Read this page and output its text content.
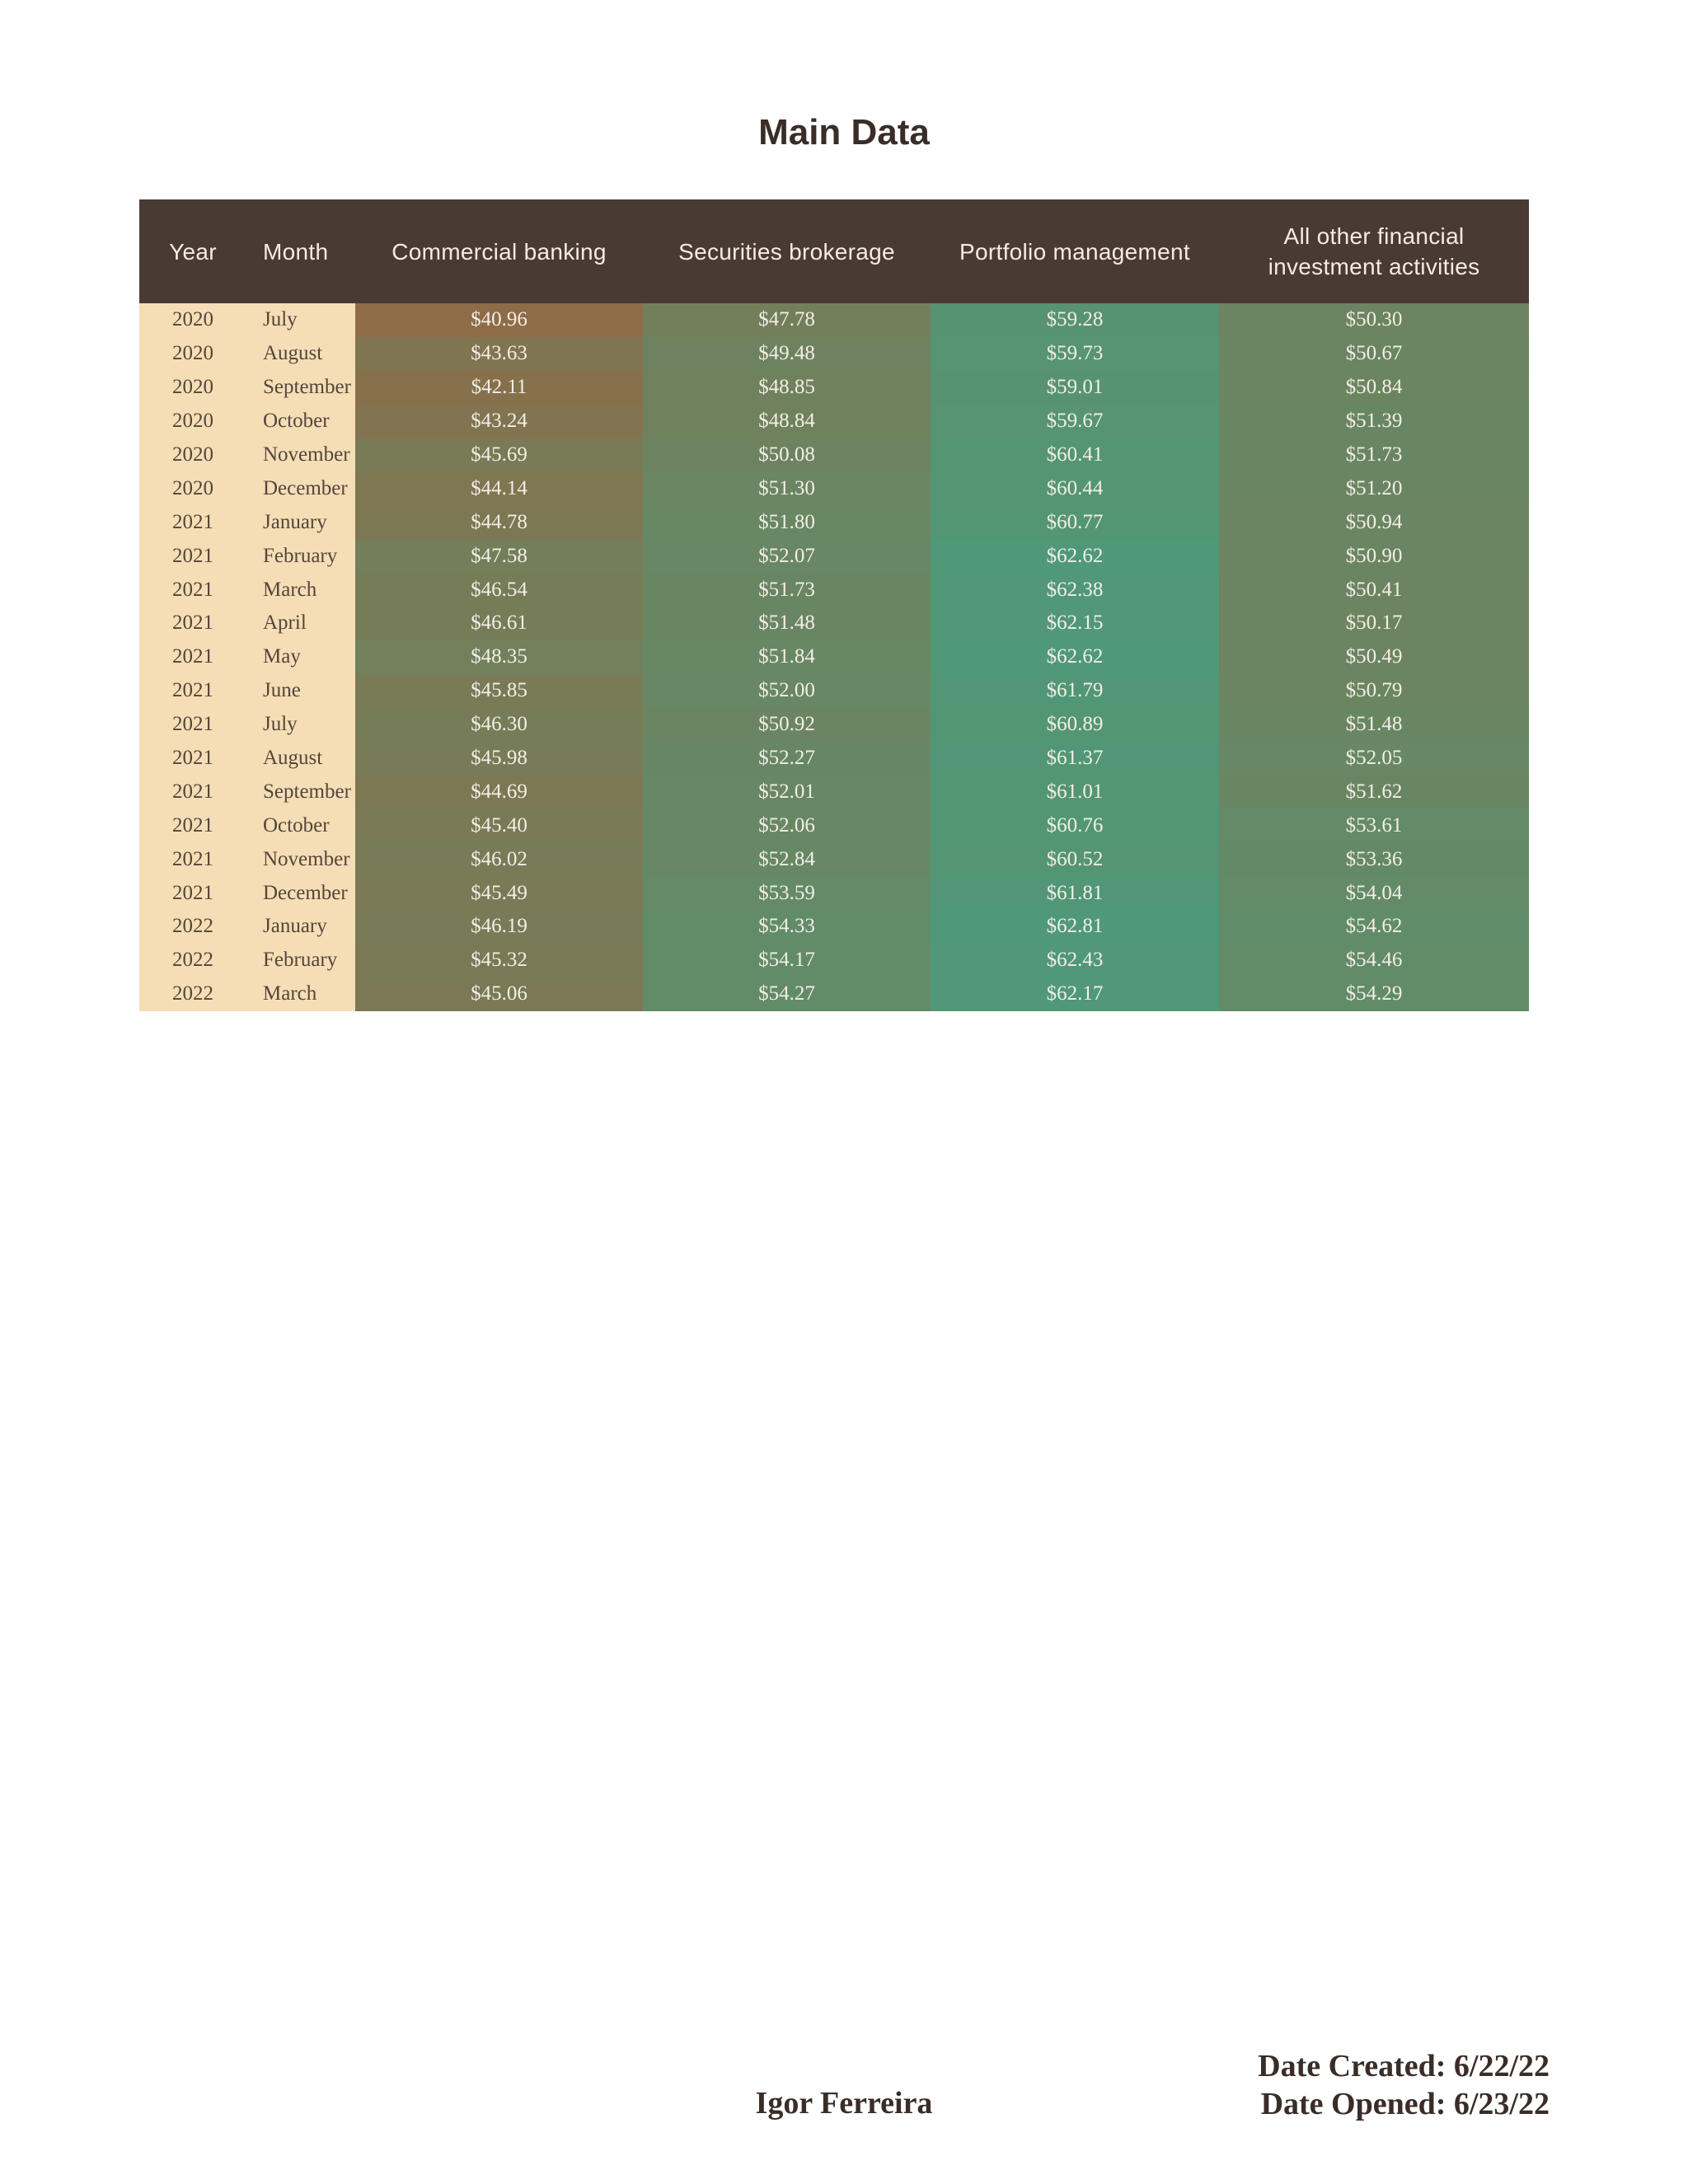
Main Data
Year	Month	Commercial banking	Securities brokerage	Portfolio management	All other financial
investment activities
2020	July	$40.96	$47.78	$59.28	$50.30
2020	August	$43.63	$49.48	$59.73	$50.67
2020	September	$42.11	$48.85	$59.01	$50.84
2020	October	$43.24	$48.84	$59.67	$51.39
2020	November	$45.69	$50.08	$60.41	$51.73
2020	December	$44.14	$51.30	$60.44	$51.20
2021	January	$44.78	$51.80	$60.77	$50.94
2021	February	$47.58	$52.07	$62.62	$50.90
2021	March	$46.54	$51.73	$62.38	$50.41
2021	April	$46.61	$51.48	$62.15	$50.17
2021	May	$48.35	$51.84	$62.62	$50.49
2021	June	$45.85	$52.00	$61.79	$50.79
2021	July	$46.30	$50.92	$60.89	$51.48
2021	August	$45.98	$52.27	$61.37	$52.05
2021	September	$44.69	$52.01	$61.01	$51.62
2021	October	$45.40	$52.06	$60.76	$53.61
2021	November	$46.02	$52.84	$60.52	$53.36
2021	December	$45.49	$53.59	$61.81	$54.04
2022	January	$46.19	$54.33	$62.81	$54.62
2022	February	$45.32	$54.17	$62.43	$54.46
2022	March	$45.06	$54.27	$62.17	$54.29
Igor Ferreira
Date Created: 6/22/22
Date Opened: 6/23/22
